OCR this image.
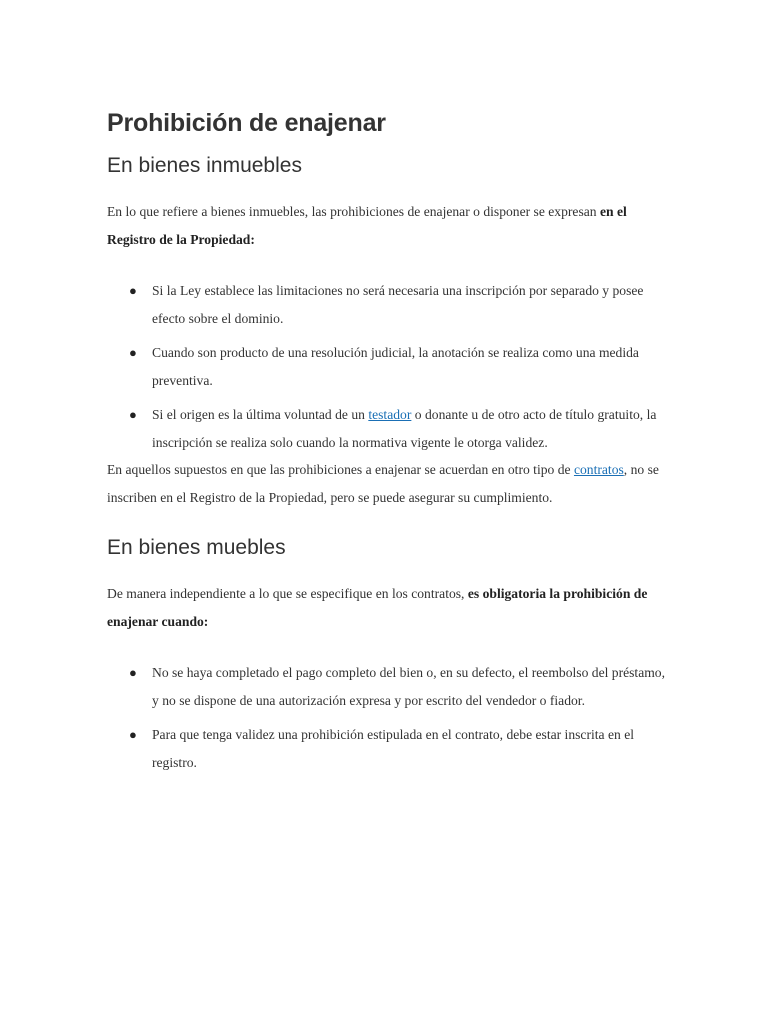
Prohibición de enajenar
En bienes inmuebles

En lo que refiere a bienes inmuebles, las prohibiciones de enajenar o disponer se expresan en el Registro de la Propiedad:

● Si la Ley establece las limitaciones no será necesaria una inscripción por separado y posee efecto sobre el dominio.
● Cuando son producto de una resolución judicial, la anotación se realiza como una medida preventiva.
● Si el origen es la última voluntad de un testador o donante u de otro acto de título gratuito, la inscripción se realiza solo cuando la normativa vigente le otorga validez.

En aquellos supuestos en que las prohibiciones a enajenar se acuerdan en otro tipo de contratos, no se inscriben en el Registro de la Propiedad, pero se puede asegurar su cumplimiento.

En bienes muebles

De manera independiente a lo que se especifique en los contratos, es obligatoria la prohibición de enajenar cuando:

● No se haya completado el pago completo del bien o, en su defecto, el reembolso del préstamo, y no se dispone de una autorización expresa y por escrito del vendedor o fiador.
● Para que tenga validez una prohibición estipulada en el contrato, debe estar inscrita en el registro.
